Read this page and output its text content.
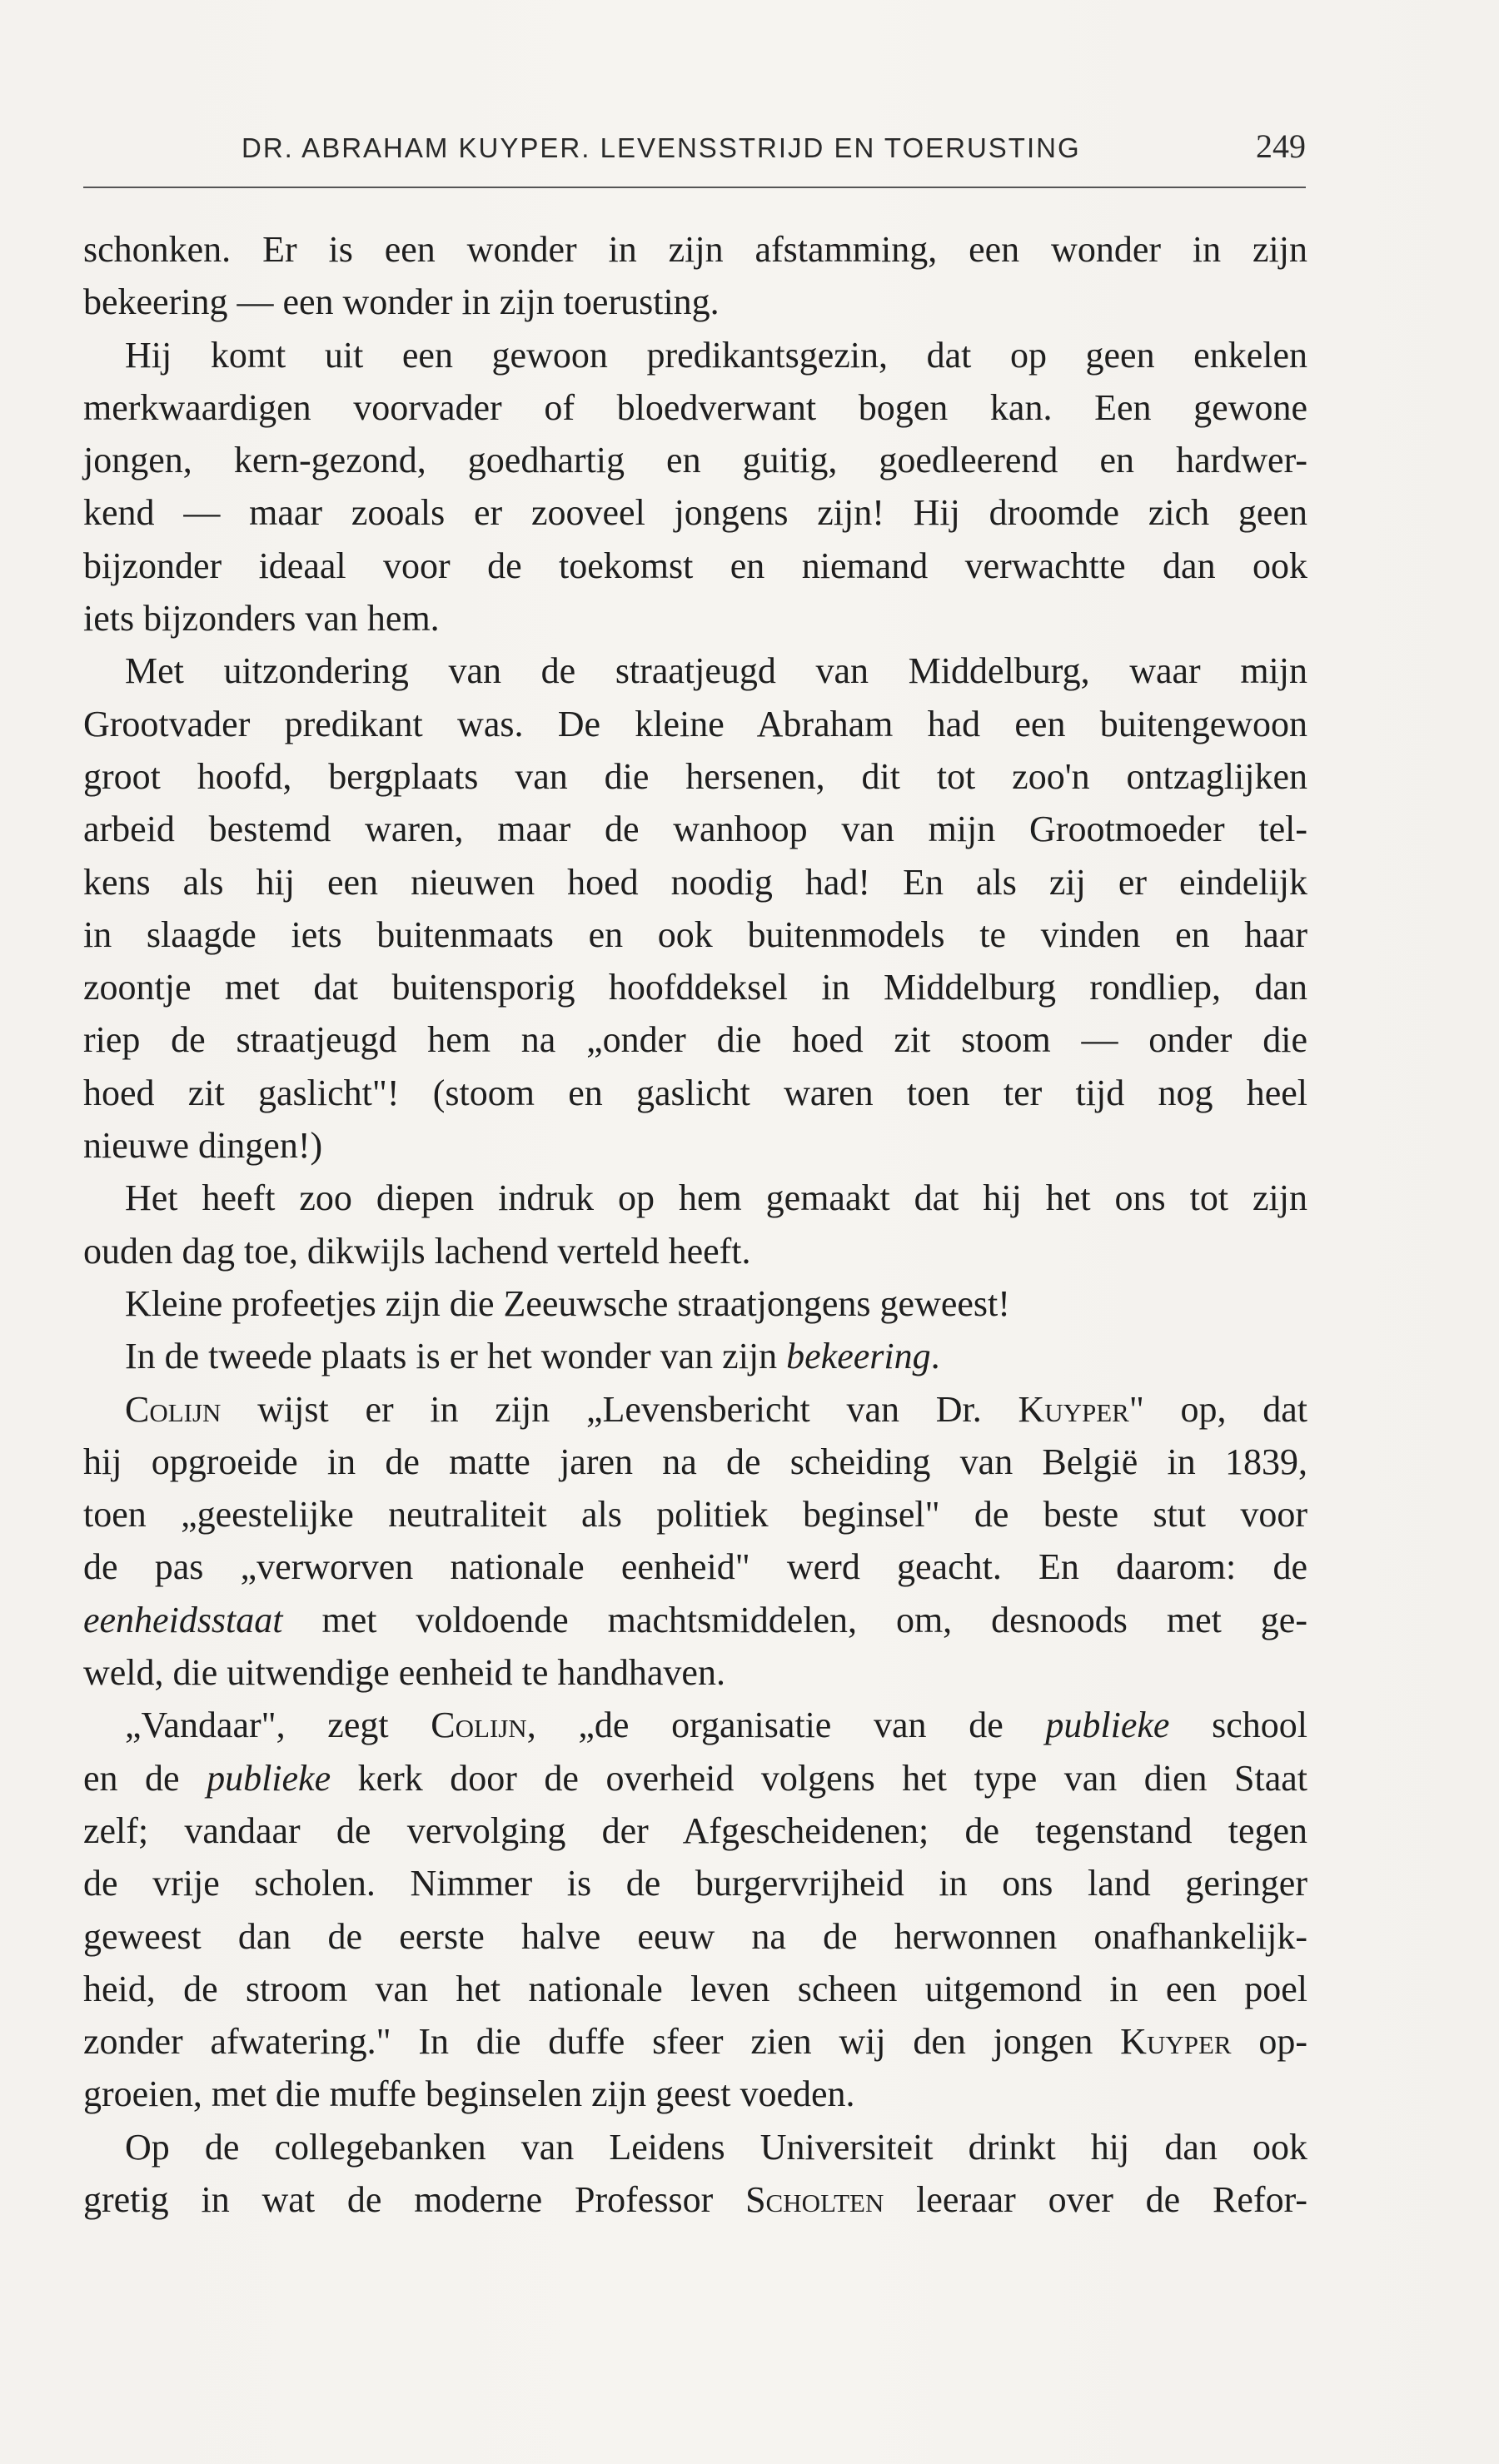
DR. ABRAHAM KUYPER. LEVENSSTRIJD EN TOERUSTING	249
schonken. Er is een wonder in zijn afstamming, een wonder in zijn
bekeering — een wonder in zijn toerusting.
Hij komt uit een gewoon predikantsgezin, dat op geen enkelen
merkwaardigen voorvader of bloedverwant bogen kan. Een gewone
jongen, kern-gezond, goedhartig en guitig, goedleerend en hardwer-
kend — maar zooals er zooveel jongens zijn! Hij droomde zich geen
bijzonder ideaal voor de toekomst en niemand verwachtte dan ook
iets bijzonders van hem.
Met uitzondering van de straatjeugd van Middelburg, waar mijn
Grootvader predikant was. De kleine Abraham had een buitengewoon
groot hoofd, bergplaats van die hersenen, dit tot zoo'n ontzaglijken
arbeid bestemd waren, maar de wanhoop van mijn Grootmoeder tel-
kens als hij een nieuwen hoed noodig had! En als zij er eindelijk
in slaagde iets buitenmaats en ook buitenmodels te vinden en haar
zoontje met dat buitensporig hoofddeksel in Middelburg rondliep, dan
riep de straatjeugd hem na „onder die hoed zit stoom — onder die
hoed zit gaslicht"! (stoom en gaslicht waren toen ter tijd nog heel
nieuwe dingen!)
Het heeft zoo diepen indruk op hem gemaakt dat hij het ons tot zijn
ouden dag toe, dikwijls lachend verteld heeft.
Kleine profeetjes zijn die Zeeuwsche straatjongens geweest!
In de tweede plaats is er het wonder van zijn bekeering.
Colijn wijst er in zijn „Levensbericht van Dr. Kuyper" op, dat
hij opgroeide in de matte jaren na de scheiding van België in 1839,
toen „geestelijke neutraliteit als politiek beginsel" de beste stut voor
de pas „verworven nationale eenheid" werd geacht. En daarom: de
eenheidsstaat met voldoende machtsmiddelen, om, desnoods met ge-
weld, die uitwendige eenheid te handhaven.
„Vandaar", zegt Colijn, „de organisatie van de publieke school
en de publieke kerk door de overheid volgens het type van dien Staat
zelf; vandaar de vervolging der Afgescheidenen; de tegenstand tegen
de vrije scholen. Nimmer is de burgervrijheid in ons land geringer
geweest dan de eerste halve eeuw na de herwonnen onafhankelijk-
heid, de stroom van het nationale leven scheen uitgemond in een poel
zonder afwatering." In die duffe sfeer zien wij den jongen Kuyper op-
groeien, met die muffe beginselen zijn geest voeden.
Op de collegebanken van Leidens Universiteit drinkt hij dan ook
gretig in wat de moderne Professor Scholten leeraar over de Refor-
